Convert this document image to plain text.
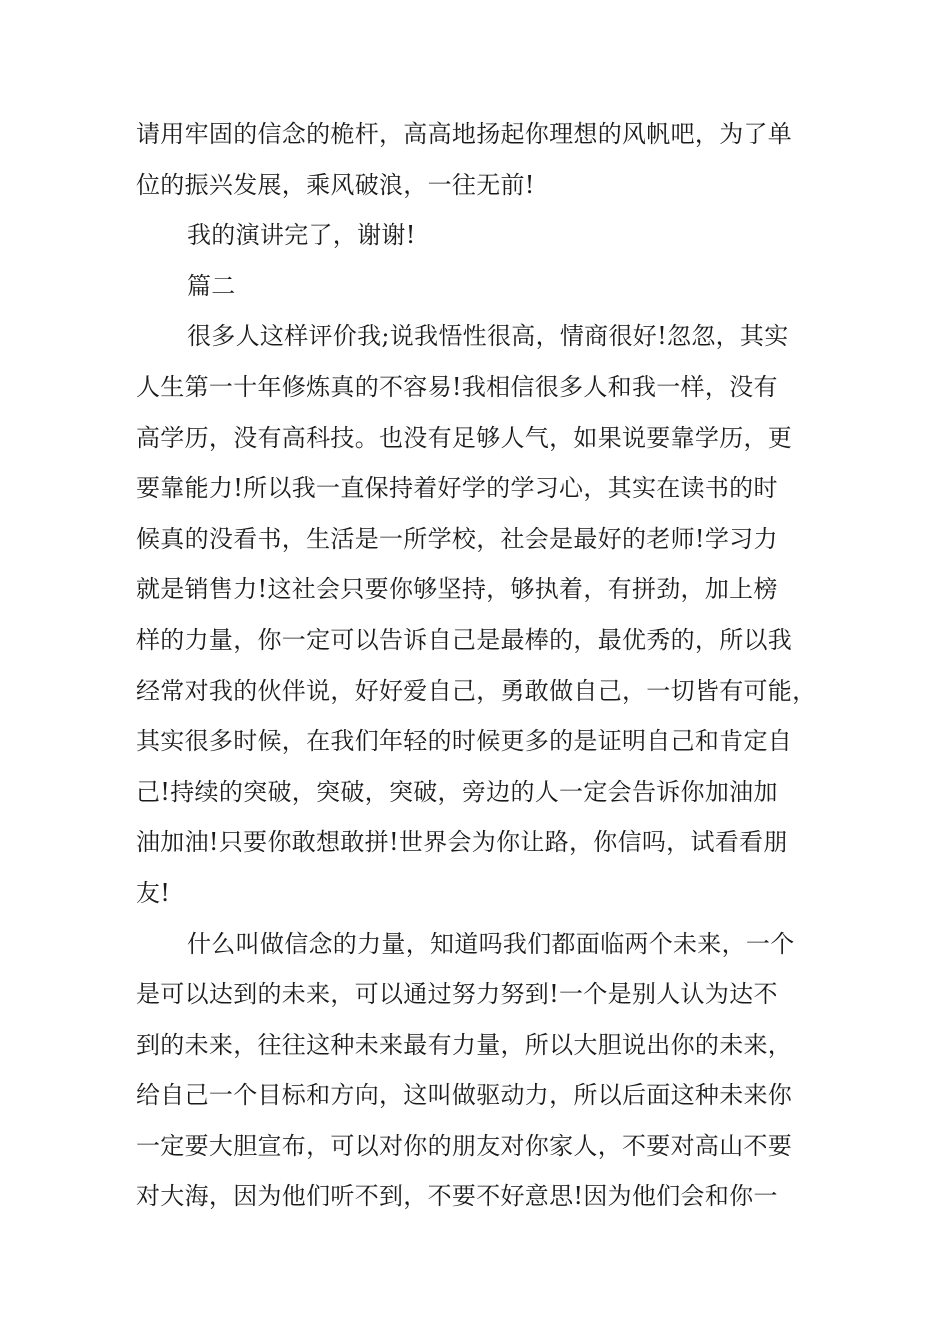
请用牢固的信念的桅杆，高高地扬起你理想的风帆吧，为了单
位的振兴发展，乘风破浪，一往无前!
我的演讲完了，谢谢!
篇二
很多人这样评价我;说我悟性很高，情商很好!忽忽，其实
人生第一十年修炼真的不容易!我相信很多人和我一样，没有
高学历，没有高科技。也没有足够人气，如果说要靠学历，更
要靠能力!所以我一直保持着好学的学习心，其实在读书的时
候真的没看书，生活是一所学校，社会是最好的老师!学习力
就是销售力!这社会只要你够坚持，够执着，有拼劲，加上榜
样的力量，你一定可以告诉自己是最棒的，最优秀的，所以我
经常对我的伙伴说，好好爱自己，勇敢做自己，一切皆有可能，
其实很多时候，在我们年轻的时候更多的是证明自己和肯定自
己!持续的突破，突破，突破，旁边的人一定会告诉你加油加
油加油!只要你敢想敢拼!世界会为你让路，你信吗，试看看朋
友!
什么叫做信念的力量，知道吗我们都面临两个未来，一个
是可以达到的未来，可以通过努力努到!一个是别人认为达不
到的未来，往往这种未来最有力量，所以大胆说出你的未来，
给自己一个目标和方向，这叫做驱动力，所以后面这种未来你
一定要大胆宣布，可以对你的朋友对你家人，不要对高山不要
对大海，因为他们听不到，不要不好意思!因为他们会和你一
